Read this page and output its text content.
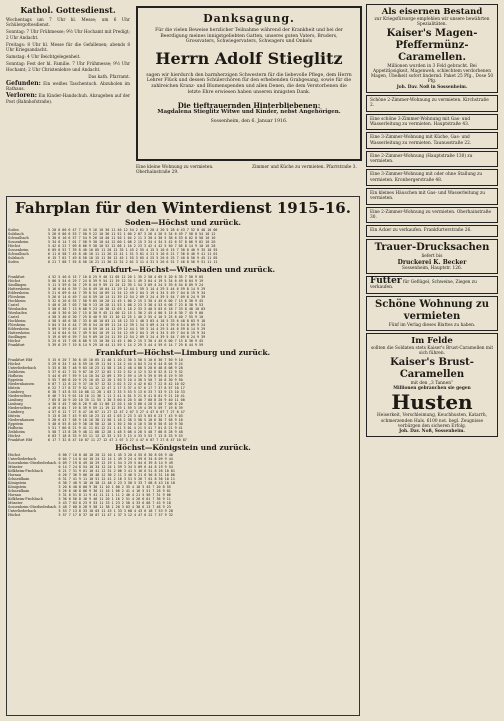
Kathol. Gottesdienst.

Wochentags um 7 Uhr hl. Messe; um 6 Uhr Schülergottesdienst.

Sonntag: 7 Uhr Frühmesse; 9½ Uhr Hochamt mit Predigt; 2 Uhr Andacht.

Freitags: 8 Uhr hl. Messe für die Gefallenen; abends 8 Uhr Kriegsandacht.

Samstag: 4 Uhr Beichtgelegenheit.

Sonntag: Fest der hl. Familie. 7 Uhr Frühmesse; 9½ Uhr Hochamt; 2 Uhr Christenlehre und Andacht.

Das kath. Pfarramt.

Gefunden: Ein weißes Taschentuch. Abzuholen im Rathaus.

Verloren: Ein Kinder-Handschuh. Abzugeben auf der Post (Bahnhofstraße).

Danksagung.
Für die vielen Beweise herzlicher Teilnahme während der Krankheit und bei der Beerdigung meines innigstgeliebten Gatten, unseres guten Vaters, Bruders, Grossvaters, Schwiegervaters, Schwagers und Onkels
Herrn Adolf Stieglitz
sagen wir hierdurch den barmherzigen Schwestern für die liebevolle Pflege, dem Herrn Lehrer Flück und dessen Schülerchören für den erhebenden Grabgesang, sowie für die zahlreichen Kranz- und Blumenspenden und allen Denen, die dem Verstorbenen die letzte Ehre erwiesen haben unseren innigsten Dank.
Die tieftrauernden Hinterbliebenen:
Magdalena Stieglitz Witwe und Kinder, nebst Angehörigen.
Sossenheim, den 6. Januar 1916.
Eine kleine Wohnung zu vermieten. Oberhainstraße 29.
Zimmer und Küche zu vermieten. Pfarrstraße 3.
Fahrplan für den Winterdienst 1915-16.
Soden—Höchst und zurück.
Soden	5 20 6 00 6 47 7 44 9 16 10 30 11 46 12 54 2 01 3 20 4 20 5 28 6 43 7 52 8 48 10 06
Sulzbach	5 26 6 06 6 53 7 50 9 22 10 36 11 52 1 00 2 07 3 26 4 26 5 34 6 49 7 58 8 54 10 12
Schwalbach	5 30 6 10 6 57 7 54 9 26 10 40 11 56 1 04 2 11 3 30 4 30 5 38 6 53 8 02 8 58 10 16
Sossenheim	5 34 6 14 7 01 7 58 9 30 10 44 12 00 1 08 2 15 3 34 4 34 5 42 6 57 8 06 9 02 10 20
Höchst	5 42 6 22 7 09 8 06 9 38 10 52 12 08 1 16 2 23 3 42 4 42 5 50 7 05 8 14 9 10 10 28
Sossenheim	6 05 6 52 7 39 8 40 10 05 11 20 12 35 1 45 2 55 4 15 5 10 6 15 7 30 8 40 9 35 10 55
Schwalbach	6 11 6 58 7 45 8 46 10 11 11 26 12 41 1 51 3 01 4 21 5 16 6 21 7 36 8 46 9 41 11 01
Sulzbach	6 15 7 02 7 49 8 50 10 15 11 30 12 45 1 55 3 05 4 25 5 20 6 25 7 40 8 50 9 45 11 05
Soden	6 21 7 08 7 55 8 56 10 21 11 36 12 51 2 01 3 11 4 31 5 26 6 31 7 46 8 56 9 51 11 11
Frankfurt—Höchst—Wiesbaden und zurück.
Frankfurt	4 52 5 40 6 15 7 10 8 25 9 40 11 05 12 20 1 35 2 50 4 05 5 20 6 35 7 50 9 05
Höchst	5 06 5 54 6 29 7 24 8 39 9 54 11 19 12 34 1 49 3 04 4 19 5 34 6 49 8 04 9 19
Sindlingen	5 11 5 59 6 34 7 29 8 44 9 59 11 24 12 39 1 54 3 09 4 24 5 39 6 54 8 09 9 24
Hattersheim	5 16 6 04 6 39 7 34 8 49 10 04 11 29 12 44 1 59 3 14 4 29 5 44 6 59 8 14 9 29
Eddersheim	5 21 6 09 6 44 7 39 8 54 10 09 11 34 12 49 2 04 3 19 4 34 5 49 7 04 8 19 9 34
Flörsheim	5 26 6 14 6 49 7 44 8 59 10 14 11 39 12 54 2 09 3 24 4 39 5 54 7 09 8 24 9 39
Hochheim	5 32 6 20 6 55 7 50 9 05 10 20 11 45 1 00 2 15 3 30 4 45 6 00 7 15 8 30 9 45
Castel	5 40 6 28 7 03 7 58 9 13 10 28 11 53 1 08 2 23 3 38 4 53 6 08 7 23 8 38 9 53
Wiesbaden	5 50 6 38 7 13 8 08 9 23 10 38 12 03 1 18 2 33 3 48 5 03 6 18 7 33 8 48 10 03
Wiesbaden	4 40 5 30 6 20 7 15 8 30 9 45 11 00 12 15 1 30 2 45 4 00 5 15 6 30 7 45 9 00
Castel	4 50 5 40 6 30 7 25 8 40 9 55 11 10 12 25 1 40 2 55 4 10 5 25 6 40 7 55 9 10
Hochheim	4 58 5 48 6 38 7 33 8 48 10 03 11 18 12 33 1 48 3 03 4 18 5 33 6 48 8 03 9 18
Flörsheim	5 04 5 54 6 44 7 39 8 54 10 09 11 24 12 39 1 54 3 09 4 24 5 39 6 54 8 09 9 24
Eddersheim	5 09 5 59 6 49 7 44 8 59 10 14 11 29 12 44 1 59 3 14 4 29 5 44 6 59 8 14 9 29
Hattersheim	5 14 6 04 6 54 7 49 9 04 10 19 11 34 12 49 2 04 3 19 4 34 5 49 7 04 8 19 9 34
Sindlingen	5 19 6 09 6 59 7 54 9 09 10 24 11 39 12 54 2 09 3 24 4 39 5 54 7 09 8 24 9 39
Höchst	5 25 6 15 7 05 8 00 9 15 10 30 11 45 1 00 2 15 3 30 4 45 6 00 7 15 8 30 9 45
Frankfurt	5 39 6 29 7 19 8 14 9 29 10 44 11 59 1 14 2 29 3 44 4 59 6 14 7 29 8 44 9 59
Frankfurt—Höchst—Limburg und zurück.
Frankfurt Hbf	5 15 6 20 7 30 8 45 10 05 11 40 1 10 2 30 3 50 5 10 6 30 7 50 9 10
Höchst	5 29 6 34 7 44 8 59 10 19 11 54 1 24 2 44 4 04 5 24 6 44 8 04 9 24
Unterliederbach	5 33 6 38 7 48 9 03 10 23 11 58 1 28 2 48 4 08 5 28 6 48 8 08 9 28
Zeilsheim	5 37 6 42 7 52 9 07 10 27 12 02 1 32 2 52 4 12 5 32 6 52 8 12 9 32
Hofheim	5 44 6 49 7 59 9 14 10 34 12 09 1 39 2 59 4 19 5 39 6 59 8 19 9 39
Eppstein	5 55 7 00 8 10 9 25 10 45 12 20 1 50 3 10 4 30 5 50 7 10 8 30 9 50
Niedernhausen	6 07 7 12 8 22 9 37 10 57 12 32 2 02 3 22 4 42 6 02 7 22 8 42 10 02
Idstein	6 22 7 27 8 37 9 52 11 12 12 47 2 17 3 37 4 57 6 17 7 37 8 57 10 17
Camberg	6 38 7 43 8 53 10 08 11 28 1 03 2 33 3 53 5 13 6 33 7 53 9 13 10 33
Niederselters	6 46 7 51 9 01 10 16 11 36 1 11 2 41 4 01 5 21 6 41 8 01 9 21 10 41
Limburg	7 05 8 10 9 20 10 35 11 55 1 30 3 00 4 20 5 40 7 00 8 20 9 40 11 00
Limburg	4 30 5 45 7 00 8 20 9 40 11 00 12 20 1 40 3 00 4 20 5 40 7 00 8 20
Niederselters	4 49 6 04 7 19 8 39 9 59 11 19 12 39 1 59 3 19 4 39 5 59 7 19 8 39
Camberg	4 57 6 12 7 27 8 47 10 07 11 27 12 47 2 07 3 27 4 47 6 07 7 27 8 47
Idstein	5 13 6 28 7 43 9 03 10 23 11 43 1 03 2 23 3 43 5 03 6 23 7 43 9 03
Niedernhausen	5 28 6 43 7 58 9 18 10 38 11 58 1 18 2 38 3 58 5 18 6 38 7 58 9 18
Eppstein	5 40 6 55 8 10 9 30 10 50 12 10 1 30 2 50 4 10 5 30 6 50 8 10 9 30
Hofheim	5 51 7 06 8 21 9 41 11 01 12 21 1 41 3 01 4 21 5 41 7 01 8 21 9 41
Zeilsheim	5 58 7 13 8 28 9 48 11 08 12 28 1 48 3 08 4 28 5 48 7 08 8 28 9 48
Höchst	6 03 7 18 8 33 9 53 11 13 12 33 1 53 3 13 4 33 5 53 7 13 8 33 9 53
Frankfurt Hbf	6 17 7 32 8 47 10 07 11 27 12 47 2 07 3 27 4 47 6 07 7 27 8 47 10 07
Höchst—Königstein und zurück.
Höchst	6 00 7 10 8 40 10 20 12 10 1 45 3 20 4 55 6 30 8 05 9 40
Unterliederbach	6 04 7 14 8 44 10 24 12 14 1 49 3 24 4 59 6 34 8 09 9 44
Sossenheim-Oberliederbach	6 09 7 19 8 49 10 29 12 19 1 54 3 29 5 04 6 39 8 14 9 49
Münster	6 14 7 24 8 54 10 34 12 24 1 59 3 34 5 09 6 44 8 19 9 54
Kelkheim-Fischbach	6 21 7 31 9 01 10 41 12 31 2 06 3 41 5 16 6 51 8 26 10 01
Hornau	6 26 7 36 9 06 10 46 12 36 2 11 3 46 5 21 6 56 8 31 10 06
Schneidhain	6 31 7 41 9 11 10 51 12 41 2 16 3 51 5 26 7 01 8 36 10 11
Königstein	6 38 7 48 9 18 10 58 12 48 2 23 3 58 5 33 7 08 8 43 10 18
Königstein	5 20 6 40 8 00 9 30 11 10 1 00 2 35 4 10 5 45 7 20 8 55
Schneidhain	5 26 6 46 8 06 9 36 11 16 1 06 2 41 4 16 5 51 7 26 9 01
Hornau	5 31 6 51 8 11 9 41 11 21 1 11 2 46 4 21 5 56 7 31 9 06
Kelkheim-Fischbach	5 36 6 56 8 16 9 46 11 26 1 16 2 51 4 26 6 01 7 36 9 11
Münster	5 43 7 03 8 23 9 53 11 33 1 23 2 58 4 33 6 08 7 43 9 18
Sossenheim-Oberliederbach	5 48 7 08 8 28 9 58 11 38 1 28 3 03 4 38 6 13 7 48 9 23
Unterliederbach	5 53 7 13 8 33 10 03 11 43 1 33 3 08 4 43 6 18 7 53 9 28
Höchst	5 57 7 17 8 37 10 07 11 47 1 37 3 12 4 47 6 22 7 57 9 32
Als eisernen Bestand
zur Kriegsfürsorge empfehlen wir unsere bewährten Spezialitäten.
Kaiser's Magen-Pfeffermünz-Caramellen.
Millionen wurden in 3 Feld gebracht. Bei Appetitlosigkeit, Magenweh, schlechtem verdorbenen Magen, Übelkeit sofort lindernd. Paket 25 Pfg., Dose 50 Pfg.
Joh. Dav. Noß in Sossenheim.
Schöne 2-Zimmer-Wohnung zu vermieten. Kirchstraße 2.
Eine schöne 3-Zimmer-Wohnung mit Gas- und Wasserleitung zu vermieten. Hauptstraße 43.
Eine 3-Zimmer-Wohnung mit Küche, Gas- und Wasserleitung zu vermieten. Taunusstraße 22.
Eine 2-Zimmer-Wohnung (Hauptstraße 130) zu vermieten.
Eine 3-Zimmer-Wohnung mit oder ohne Stallung zu vermieten. Kronbergerstraße 48.
Ein kleines Häuschen mit Gas- und Wasserleitung zu vermieten.
Eine 2-Zimmer-Wohnung zu vermieten. Oberhainstraße 30.
Ein Acker zu verkaufen. Frankfurterstraße 26.
Trauer-Drucksachen
liefert bis
Druckerei K. Becker
Sossenheim, Hauptstr. 126.
Futter für Geflügel, Schweine, Ziegen zu verkaufen.
Schöne Wohnung zu vermieten
Fünf im Verlag dieses Blattes zu haben.
Im Felde
sollten die Soldaten stets Kaiser's Brust-Caramellen mit sich führen.
Kaiser's Brust-Caramellen
mit den „3 Tannen“
Millionen gebrauchen sie gegen
Husten
Heiserkeit, Verschleimung, Keuchhusten, Katarrh, schmerzenden Hals. 6100 not. begl. Zeugnisse verbürgen den sicheren Erfolg.
Joh. Dav. Noß, Sossenheim.
